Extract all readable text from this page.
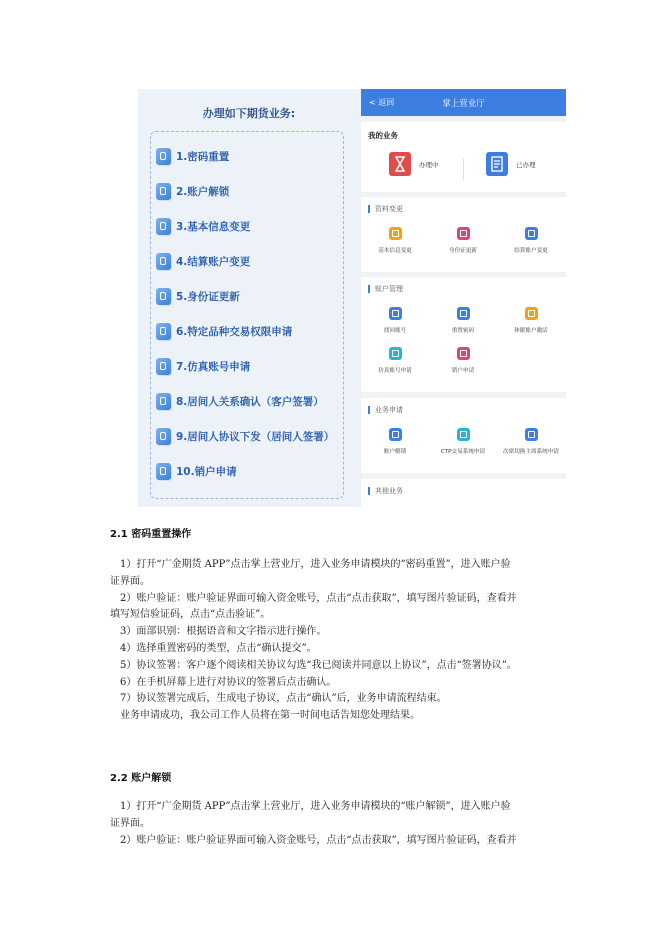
办理如下期货业务:
1.密码重置
2.账户解锁
3.基本信息变更
4.结算账户变更
5.身份证更新
6.特定品种交易权限申请
7.仿真账号申请
8.居间人关系确认（客户签署）
9.居间人协议下发（居间人签署）
10.销户申请
< 返回	掌上营业厅
我的业务
办理中	已办理
资料变更
基本信息变更	身份证更新	结算账户变更
账户管理
找回账号	重置密码	休眠账户激活
仿真账号申请	销户申请
业务申请
账户解锁	CTP交易系统申请	次席切换主席系统申请
其他业务
2.1 密码重置操作
1）打开“广金期货 APP”点击掌上营业厅，进入业务申请模块的“密码重置”，进入账户验
证界面。
2）账户验证：账户验证界面可输入资金账号，点击“点击获取”，填写图片验证码，查看并
填写短信验证码，点击“点击验证”。
3）面部识别：根据语音和文字指示进行操作。
4）选择重置密码的类型，点击“确认提交”。
5）协议签署：客户逐个阅读相关协议勾选“我已阅读并同意以上协议”，点击“签署协议”。
6）在手机屏幕上进行对协议的签署后点击确认。
7）协议签署完成后，生成电子协议，点击“确认”后，业务申请流程结束。
业务申请成功，我公司工作人员将在第一时间电话告知您处理结果。
2.2 账户解锁
1）打开“广金期货 APP”点击掌上营业厅，进入业务申请模块的“账户解锁”，进入账户验
证界面。
2）账户验证：账户验证界面可输入资金账号，点击“点击获取”，填写图片验证码，查看并
